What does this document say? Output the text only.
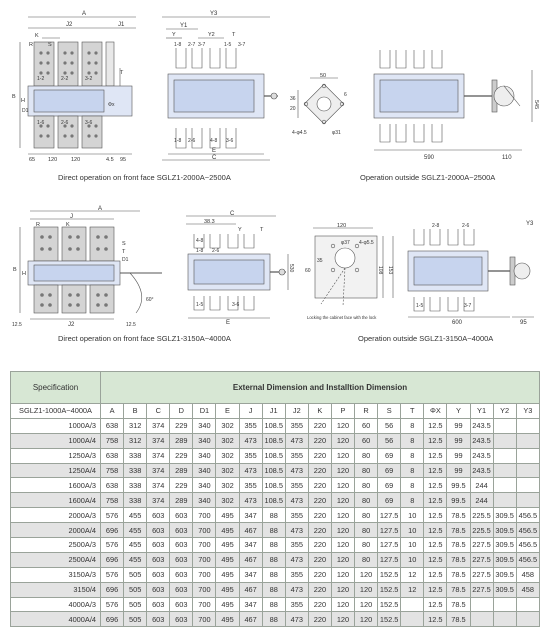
A
J2	J1
K
S
R
B
H
D1
T
Φx
1-2	2-2	3-2
1-6	2-6	3-6
65 120	120	4.5 95
Y3
Y1
Y	Y2	T
1-8 2-7 3-7	1-5 3-7
1-8 2-6	4-8 3-6
E
C
50
36
20
6
4-φ4.5	φ31
590	110
545

Direct operation on front face SGLZ1-2000A~2500A	Operation outside SGLZ1-2000A~2500A

A
J
R	K
S
B
H
D1
T
60°
J2
12.5	12.5
C
38.3
Y	T
4-8
1-8 2-6
1-5	3-6
E
530
120
φ37 4-φ5.5
35
60	108 153
Locking the cabinet face with the lock
2-8	2-6
3-7
1-5
Y3
600	95

Direct operation on front face SGLZ1-3150A~4000A	Operation outside SGLZ1-3150A~4000A

Specification	External Dimension and Installtion Dimension																		
SGLZ1-1000A~4000A	A	B	C	D	D1	E	J	J1	J2	K	P	R	S	T	ΦX	Y	Y1	Y2	Y3
1000A/3	638	312	374	229	340	302	355	108.5	355	220	120	60	56	8	12.5	99	243.5		
1000A/4	758	312	374	289	340	302	473	108.5	473	220	120	60	56	8	12.5	99	243.5		
1250A/3	638	338	374	229	340	302	355	108.5	355	220	120	80	69	8	12.5	99	243.5		
1250A/4	758	338	374	289	340	302	473	108.5	473	220	120	80	69	8	12.5	99	243.5		
1600A/3	638	338	374	229	340	302	355	108.5	355	220	120	80	69	8	12.5	99.5	244		
1600A/4	758	338	374	289	340	302	473	108.5	473	220	120	80	69	8	12.5	99.5	244		
2000A/3	576	455	603	603	700	495	347	88	355	220	120	80	127.5	10	12.5	78.5	225.5	309.5	456.5
2000A/4	696	455	603	603	700	495	467	88	473	220	120	80	127.5	10	12.5	78.5	225.5	309.5	456.5
2500A/3	576	455	603	603	700	495	347	88	355	220	120	80	127.5	10	12.5	78.5	227.5	309.5	456.5
2500A/4	696	455	603	603	700	495	467	88	473	220	120	80	127.5	10	12.5	78.5	227.5	309.5	456.5
3150A/3	576	505	603	603	700	495	347	88	355	220	120	120	152.5	12	12.5	78.5	227.5	309.5	458
3150/4	696	505	603	603	700	495	467	88	473	220	120	120	152.5	12	12.5	78.5	227.5	309.5	458
4000A/3	576	505	603	603	700	495	347	88	355	220	120	120	152.5		12.5	78.5			
4000A/4	696	505	603	603	700	495	467	88	473	220	120	120	152.5		12.5	78.5			
